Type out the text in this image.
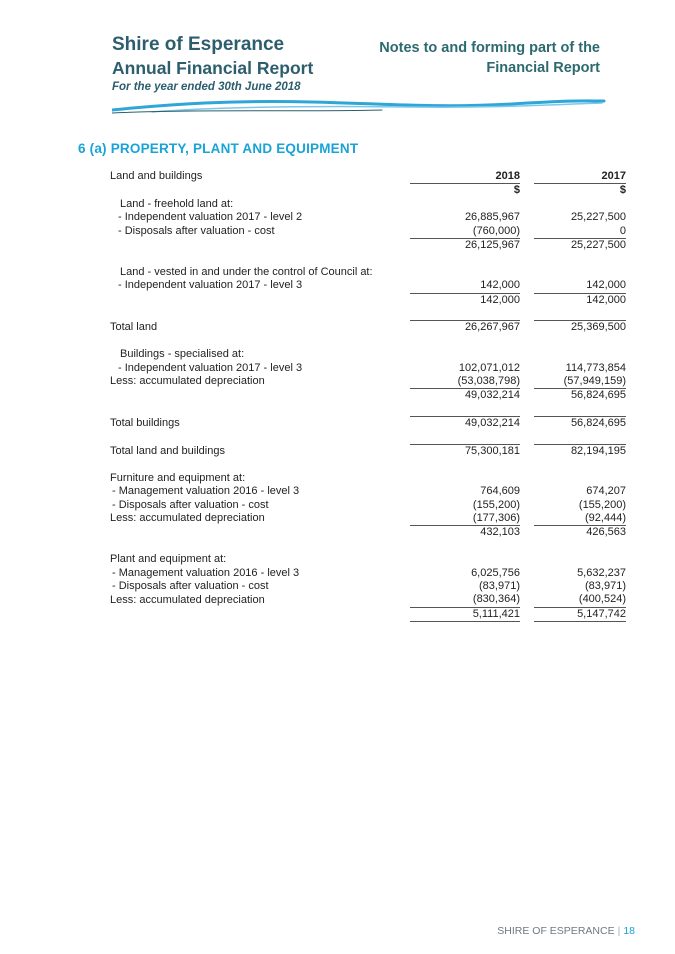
Shire of Esperance
Annual Financial Report
For the year ended 30th June 2018
Notes to and forming part of the
Financial Report
6 (a) PROPERTY, PLANT AND EQUIPMENT
Land and buildings	2018		2017
	$		$
Land - freehold land at:			
- Independent valuation 2017 - level 2	26,885,967		25,227,500
- Disposals after valuation - cost	(760,000)		0
	26,125,967		25,227,500

Land - vested in and under the control of Council at:			
- Independent valuation 2017 - level 3	142,000		142,000
	142,000		142,000

Total land	26,267,967		25,369,500

Buildings - specialised at:			
- Independent valuation 2017 - level 3	102,071,012		114,773,854
Less: accumulated depreciation	(53,038,798)		(57,949,159)
	49,032,214		56,824,695

Total buildings	49,032,214		56,824,695

Total land and buildings	75,300,181		82,194,195

Furniture and equipment at:			
- Management valuation 2016 - level 3	764,609		674,207
- Disposals after valuation - cost	(155,200)		(155,200)
Less: accumulated depreciation	(177,306)		(92,444)
	432,103		426,563

Plant and equipment at:			
- Management valuation 2016 - level 3	6,025,756		5,632,237
- Disposals after valuation - cost	(83,971)		(83,971)
Less: accumulated depreciation	(830,364)		(400,524)
	5,111,421		5,147,742
SHIRE OF ESPERANCE | 18
